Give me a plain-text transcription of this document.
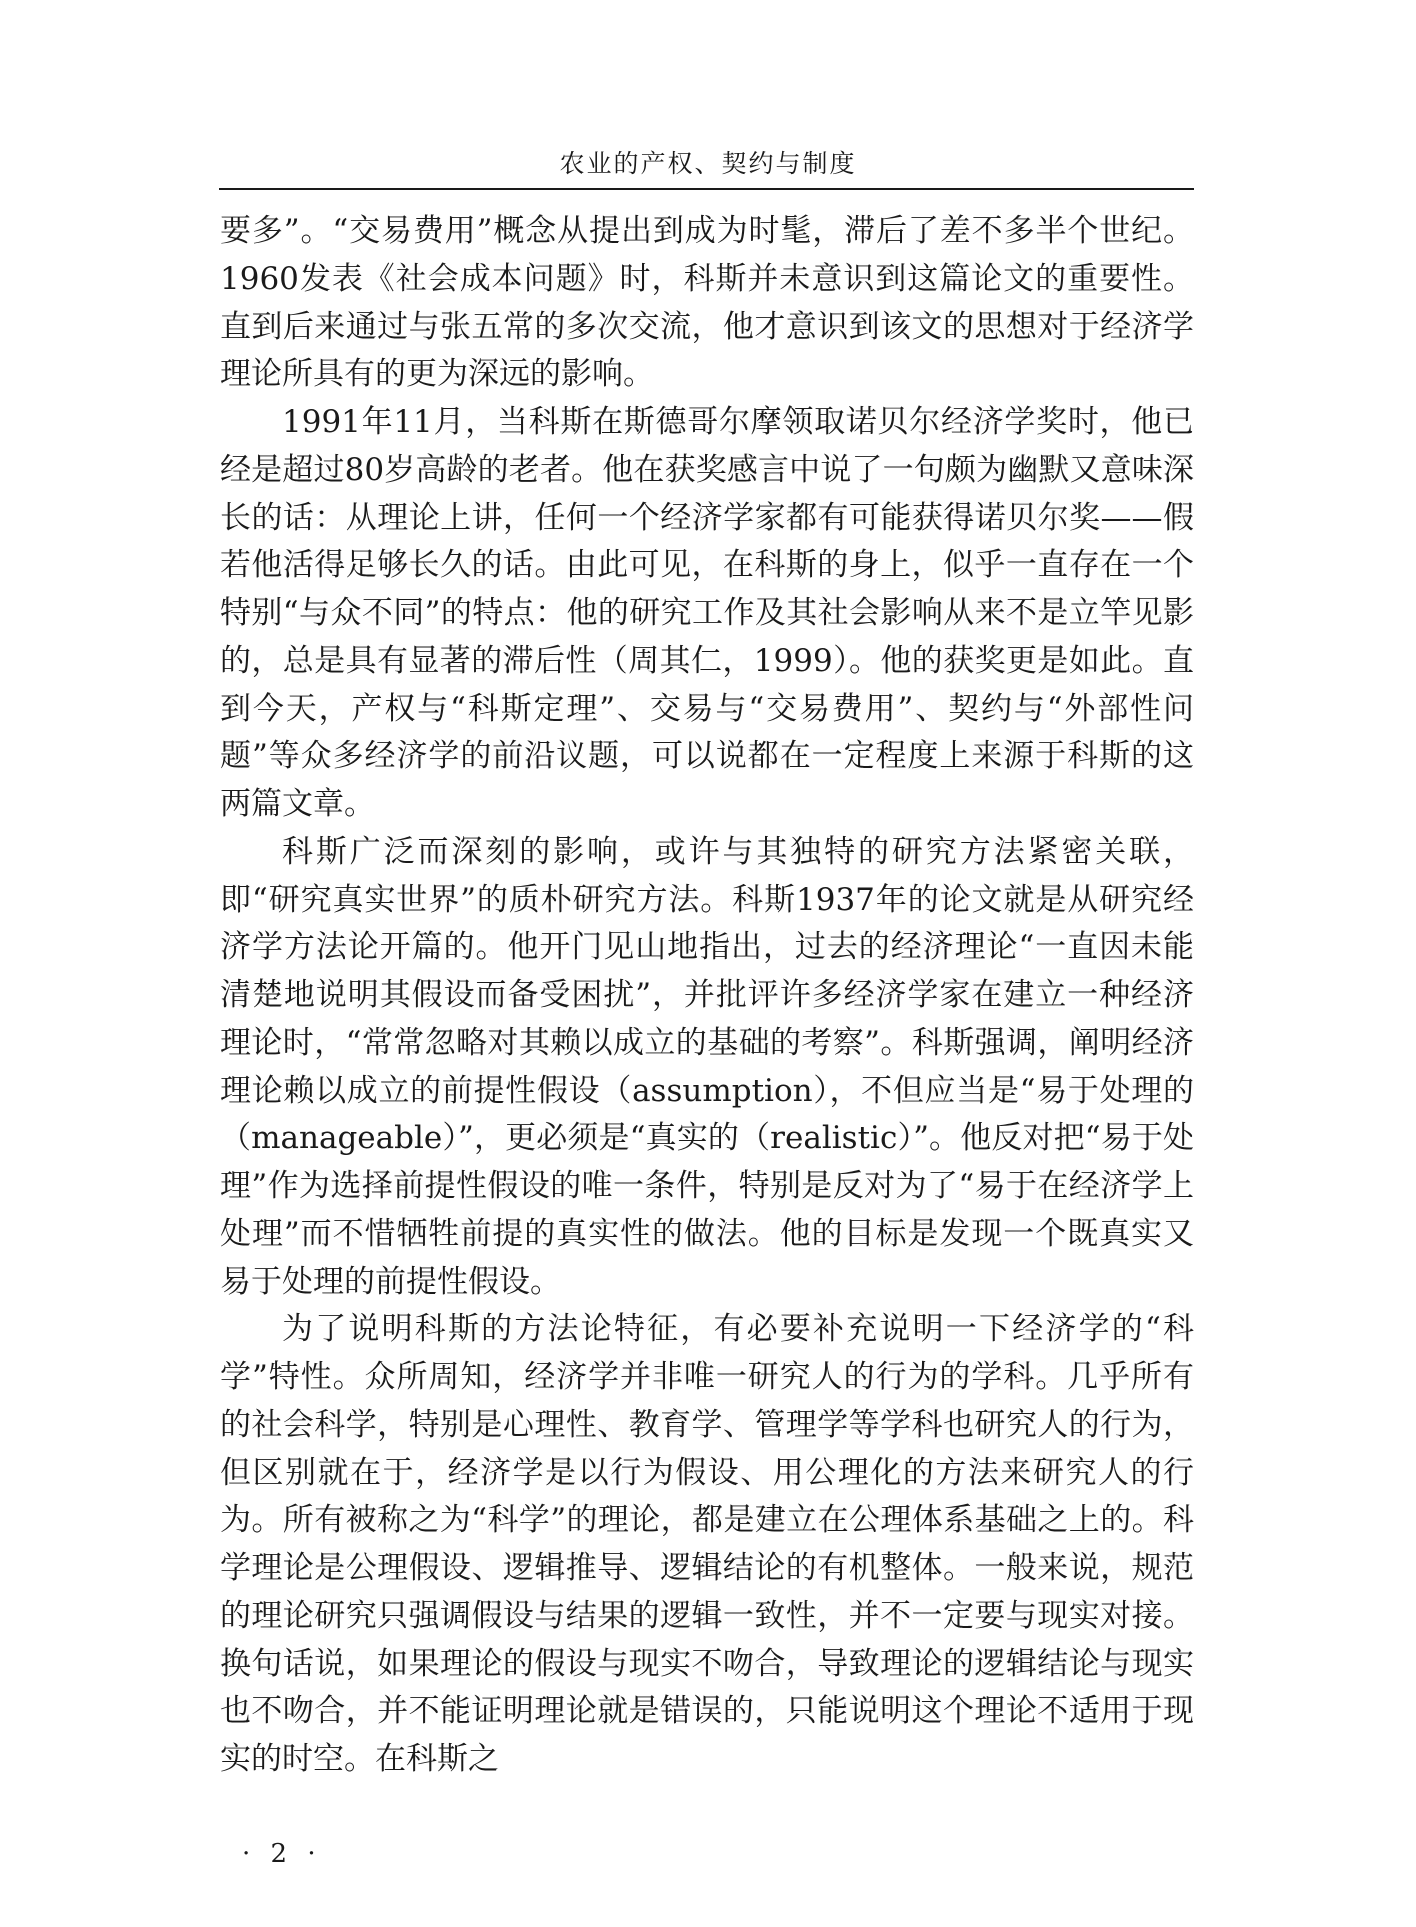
农业的产权、契约与制度

要多”。“交易费用”概念从提出到成为时髦，滞后了差不多半个世纪。1960发表《社会成本问题》时，科斯并未意识到这篇论文的重要性。直到后来通过与张五常的多次交流，他才意识到该文的思想对于经济学理论所具有的更为深远的影响。

1991年11月，当科斯在斯德哥尔摩领取诺贝尔经济学奖时，他已经是超过80岁高龄的老者。他在获奖感言中说了一句颇为幽默又意味深长的话：从理论上讲，任何一个经济学家都有可能获得诺贝尔奖——假若他活得足够长久的话。由此可见，在科斯的身上，似乎一直存在一个特别“与众不同”的特点：他的研究工作及其社会影响从来不是立竿见影的，总是具有显著的滞后性（周其仁，1999）。他的获奖更是如此。直到今天，产权与“科斯定理”、交易与“交易费用”、契约与“外部性问题”等众多经济学的前沿议题，可以说都在一定程度上来源于科斯的这两篇文章。

科斯广泛而深刻的影响，或许与其独特的研究方法紧密关联，即“研究真实世界”的质朴研究方法。科斯1937年的论文就是从研究经济学方法论开篇的。他开门见山地指出，过去的经济理论“一直因未能清楚地说明其假设而备受困扰”，并批评许多经济学家在建立一种经济理论时，“常常忽略对其赖以成立的基础的考察”。科斯强调，阐明经济理论赖以成立的前提性假设（assumption），不但应当是“易于处理的（manageable）”，更必须是“真实的（realistic）”。他反对把“易于处理”作为选择前提性假设的唯一条件，特别是反对为了“易于在经济学上处理”而不惜牺牲前提的真实性的做法。他的目标是发现一个既真实又易于处理的前提性假设。

为了说明科斯的方法论特征，有必要补充说明一下经济学的“科学”特性。众所周知，经济学并非唯一研究人的行为的学科。几乎所有的社会科学，特别是心理性、教育学、管理学等学科也研究人的行为，但区别就在于，经济学是以行为假设、用公理化的方法来研究人的行为。所有被称之为“科学”的理论，都是建立在公理体系基础之上的。科学理论是公理假设、逻辑推导、逻辑结论的有机整体。一般来说，规范的理论研究只强调假设与结果的逻辑一致性，并不一定要与现实对接。换句话说，如果理论的假设与现实不吻合，导致理论的逻辑结论与现实也不吻合，并不能证明理论就是错误的，只能说明这个理论不适用于现实的时空。在科斯之

· 2 ·
